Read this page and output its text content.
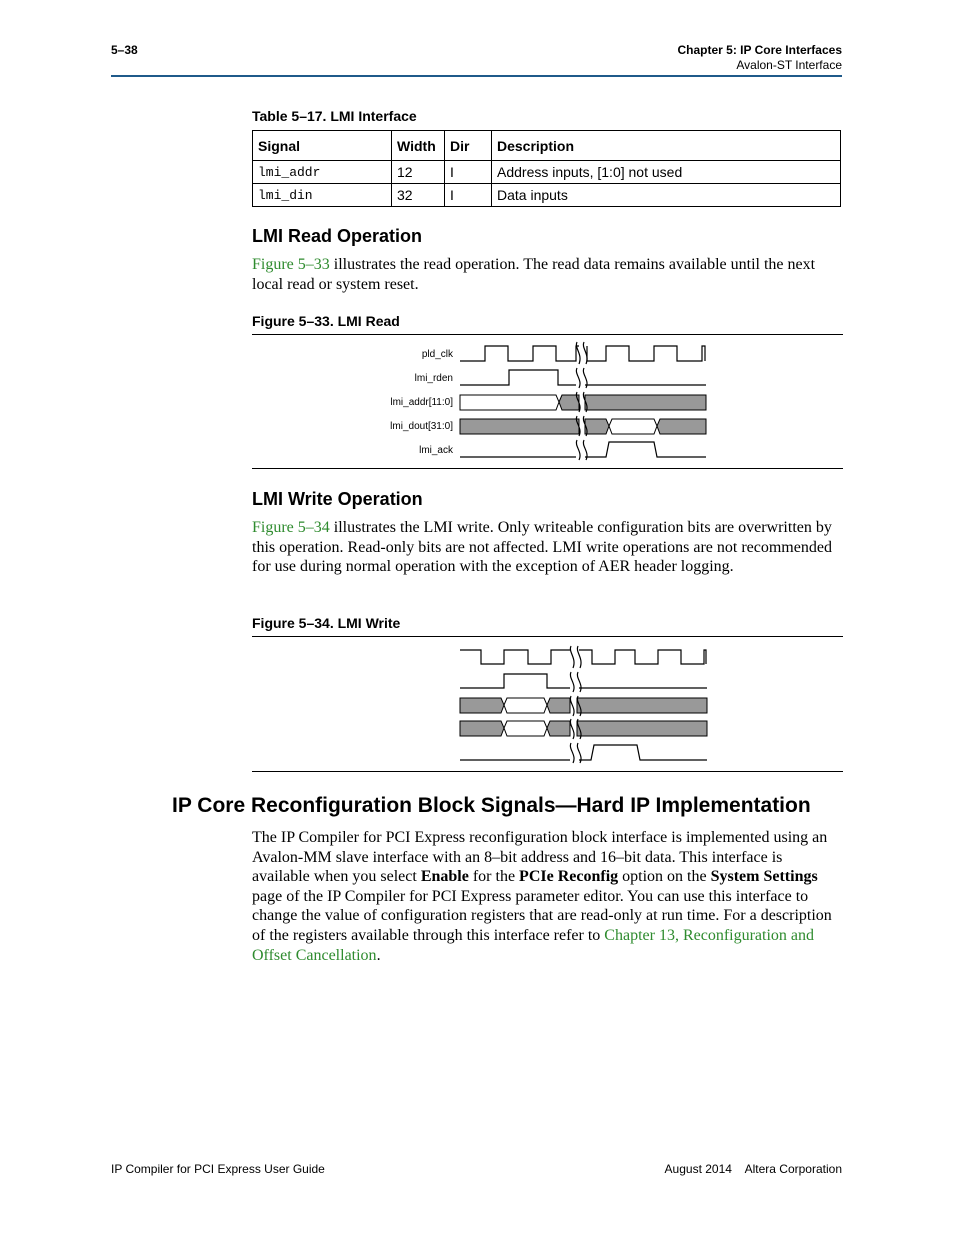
5–38	Chapter 5: IP Core Interfaces
Avalon-ST Interface
Table 5–17. LMI Interface
Signal	Width	Dir	Description
lmi_addr	12	I	Address inputs, [1:0] not used
lmi_din	32	I	Data inputs
LMI Read Operation

Figure 5–33 illustrates the read operation. The read data remains available until the next local read or system reset.

Figure 5–33. LMI Read
pld_clk
lmi_rden
lmi_addr[11:0]
lmi_dout[31:0]
lmi_ack
LMI Write Operation

Figure 5–34 illustrates the LMI write. Only writeable configuration bits are overwritten by this operation. Read-only bits are not affected. LMI write operations are not recommended for use during normal operation with the exception of AER header logging.

Figure 5–34. LMI Write
IP Core Reconfiguration Block Signals—Hard IP Implementation

The IP Compiler for PCI Express reconfiguration block interface is implemented using an Avalon-MM slave interface with an 8–bit address and 16–bit data. This interface is available when you select Enable for the PCIe Reconfig option on the System Settings page of the IP Compiler for PCI Express parameter editor. You can use this interface to change the value of configuration registers that are read-only at run time. For a description of the registers available through this interface refer to Chapter 13, Reconfiguration and Offset Cancellation.

IP Compiler for PCI Express User Guide	August 2014    Altera Corporation
